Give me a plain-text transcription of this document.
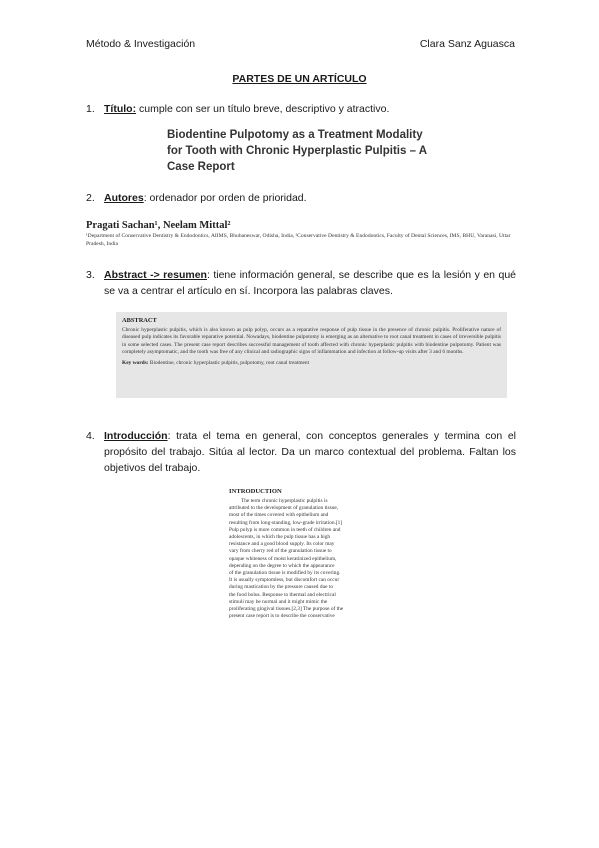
Método & Investigación	Clara Sanz Aguasca
PARTES DE UN ARTÍCULO
1. Título: cumple con ser un título breve, descriptivo y atractivo.
Biodentine Pulpotomy as a Treatment Modality
for Tooth with Chronic Hyperplastic Pulpitis – A
Case Report
2. Autores: ordenador por orden de prioridad.
Pragati Sachan¹, Neelam Mittal²
¹Department of Conservative Dentistry & Endodontics, AIIMS, Bhubaneswar, Odisha, India, ²Conservative Dentistry & Endodontics, Faculty of Dental Sciences, IMS, BHU, Varanasi, Uttar Pradesh, India
3. Abstract -> resumen: tiene información general, se describe que es la lesión y en qué se va a centrar el artículo en sí. Incorpora las palabras claves.
ABSTRACT
Chronic hyperplastic pulpitis, which is also known as pulp polyp, occurs as a reparative response of pulp tissue in the presence of chronic pulpitis. Proliferative nature of diseased pulp indicates its favorable reparative potential. Nowadays, biodentine pulpotomy is emerging as an alternative to root canal treatment in cases of irreversible pulpitis in some selected cases. The present case report describes successful management of tooth affected with chronic hyperplastic pulpitis with biodentine pulpotomy. Patient was completely asymptomatic, and the tooth was free of any clinical and radiographic signs of inflammation and infection at follow-up visits after 3 and 6 months.
Key words: Biodentine, chronic hyperplastic pulpitis, pulpotomy, root canal treatment
4. Introducción: trata el tema en general, con conceptos generales y termina con el propósito del trabajo. Sitúa al lector. Da un marco contextual del problema. Faltan los objetivos del trabajo.
INTRODUCTION
The term chronic hyperplastic pulpitis is
attributed to the development of granulation tissue,
most of the times covered with epithelium and
resulting from long-standing, low-grade irritation.[1]
Pulp polyp is more common in teeth of children and
adolescents, in which the pulp tissue has a high
resistance and a good blood supply. Its color may
vary from cherry red of the granulation tissue to
opaque whiteness of moist keratinized epithelium,
depending on the degree to which the appearance
of the granulation tissue is modified by its covering.
It is usually symptomless, but discomfort can occur
during mastication by the pressure caused due to
the food bolus. Response to thermal and electrical
stimuli may be normal and it might mimic the
proliferating gingival tissues.[2,3] The purpose of the
present case report is to describe the conservative
